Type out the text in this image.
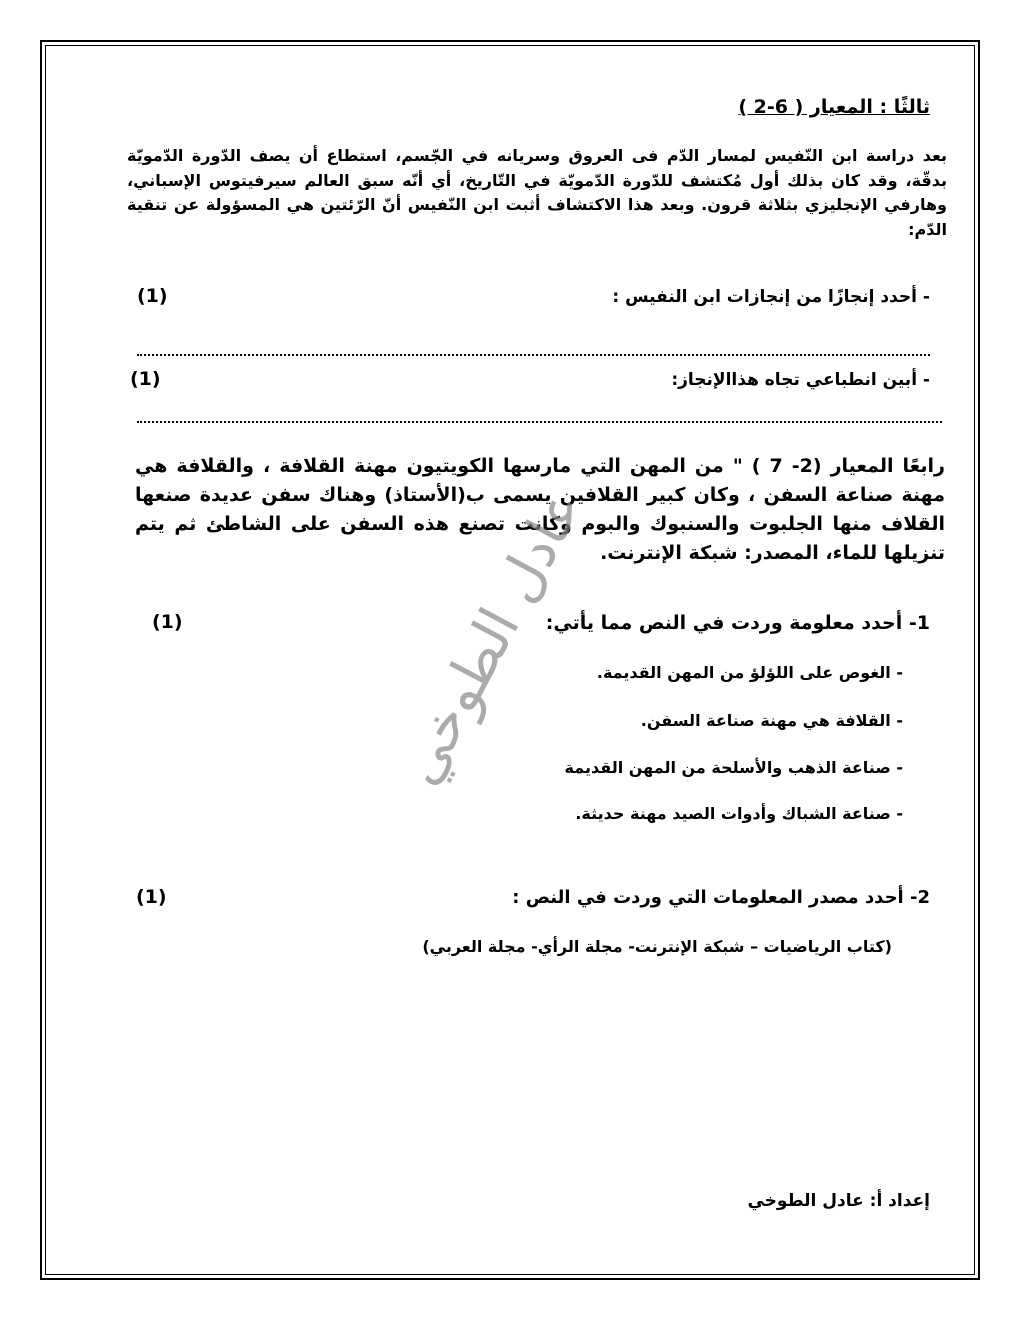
ثالثًا : المعيار ( 6-2 )
بعد دراسة ابن النّفيس لمسار الدّم فى العروق وسريانه في الجّسم، استطاع أن يصف الدّورة الدّمويّة بدقّة، وقد كان بذلك أول مُكتشف للدّورة الدّمويّة في التّاريخ، أي أنّه سبق العالم سيرفيتوس الإسباني، وهارفي الإنجليزي بثلاثة قرون. وبعد هذا الاكتشاف أثبت ابن النّفيس أنّ الرّئتين هي المسؤولة عن تنقية الدّم:
- أحدد إنجازًا من إنجازات ابن النفيس :
(1)
- أبين انطباعي تجاه هذاالإنجاز:
(1)
رابعًا المعيار (2- 7 ) " من المهن التي مارسها الكويتيون مهنة القلافة ، والقلافة هي مهنة صناعة السفن ، وكان كبير القلافين يسمى ب(الأستاذ) وهناك سفن عديدة صنعها القلاف منها الجلبوت والسنبوك والبوم وكانت تصنع هذه السفن على الشاطئ ثم يتم تنزيلها للماء، المصدر: شبكة الإنترنت.
1- أحدد معلومة وردت في النص مما يأتي:
(1)
- الغوص على اللؤلؤ من المهن القديمة.
- القلافة هي مهنة صناعة السفن.
- صناعة الذهب والأسلحة من المهن القديمة
- صناعة الشباك وأدوات الصيد مهنة حديثة.
2- أحدد مصدر المعلومات التي وردت في النص :
(1)
(كتاب الرياضيات – شبكة الإنترنت- مجلة الرأي- مجلة العربي)
عادل الطوخي
إعداد أ: عادل الطوخي
